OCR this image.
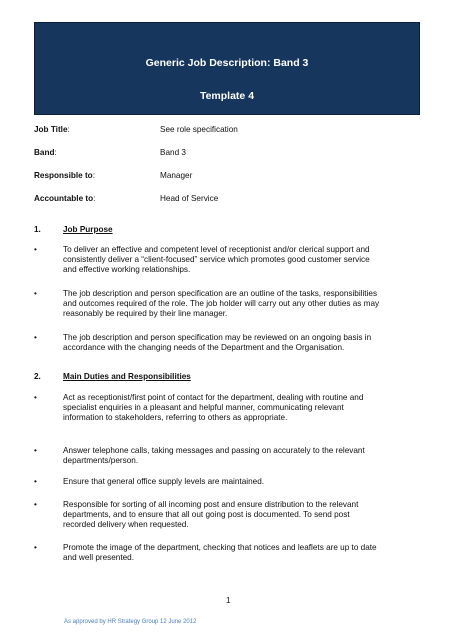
Generic Job Description: Band 3
Template 4
Job Title:	See role specification
Band:	Band 3
Responsible to:	Manager
Accountable to:	Head of Service
1.	Job Purpose
•	To deliver an effective and competent level of receptionist and/or clerical support and consistently deliver a “client-focused” service which promotes good customer service and effective working relationships.
•	The job description and person specification are an outline of the tasks, responsibilities and outcomes required of the role. The job holder will carry out any other duties as may reasonably be required by their line manager.
•	The job description and person specification may be reviewed on an ongoing basis in accordance with the changing needs of the Department and the Organisation.
2.	Main Duties and Responsibilities
•	Act as receptionist/first point of contact for the department, dealing with routine and specialist enquiries in a pleasant and helpful manner, communicating relevant information to stakeholders, referring to others as appropriate.
•	Answer telephone calls, taking messages and passing on accurately to the relevant departments/person.
•	Ensure that general office supply levels are maintained.
•	Responsible for sorting of all incoming post and ensure distribution to the relevant departments, and to ensure that all out going post is documented. To send post recorded delivery when requested.
•	Promote the image of the department, checking that notices and leaflets are up to date and well presented.
1
As approved by HR Strategy Group 12 June 2012
